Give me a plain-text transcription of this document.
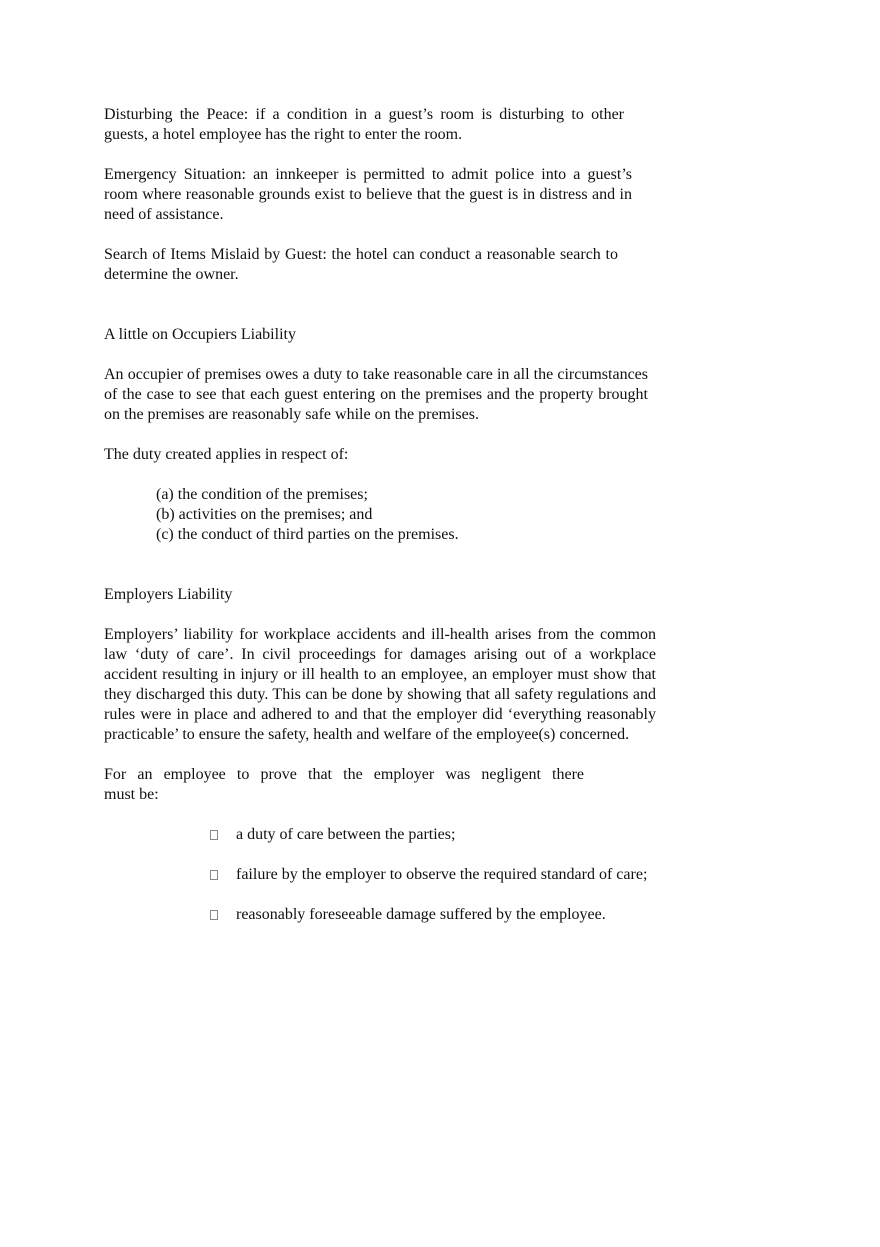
Disturbing the Peace: if a condition in a guest’s room is disturbing to other guests, a hotel employee has the right to enter the room.

Emergency Situation: an innkeeper is permitted to admit police into a guest’s room where reasonable grounds exist to believe that the guest is in distress and in need of assistance.

Search of Items Mislaid by Guest: the hotel can conduct a reasonable search to determine the owner.

A little on Occupiers Liability

An occupier of premises owes a duty to take reasonable care in all the circumstances of the case to see that each guest entering on the premises and the property brought on the premises are reasonably safe while on the premises.

The duty created applies in respect of:

(a) the condition of the premises;
(b) activities on the premises; and
(c) the conduct of third parties on the premises.

Employers Liability

Employers’ liability for workplace accidents and ill-health arises from the common law ‘duty of care’. In civil proceedings for damages arising out of a workplace accident resulting in injury or ill health to an employee, an employer must show that they discharged this duty. This can be done by showing that all safety regulations and rules were in place and adhered to and that the employer did ‘everything reasonably practicable’ to ensure the safety, health and welfare of the employee(s) concerned.

For an employee to prove that the employer was negligent there

must be:

a duty of care between the parties;
failure by the employer to observe the required standard of care;
reasonably foreseeable damage suffered by the employee.
